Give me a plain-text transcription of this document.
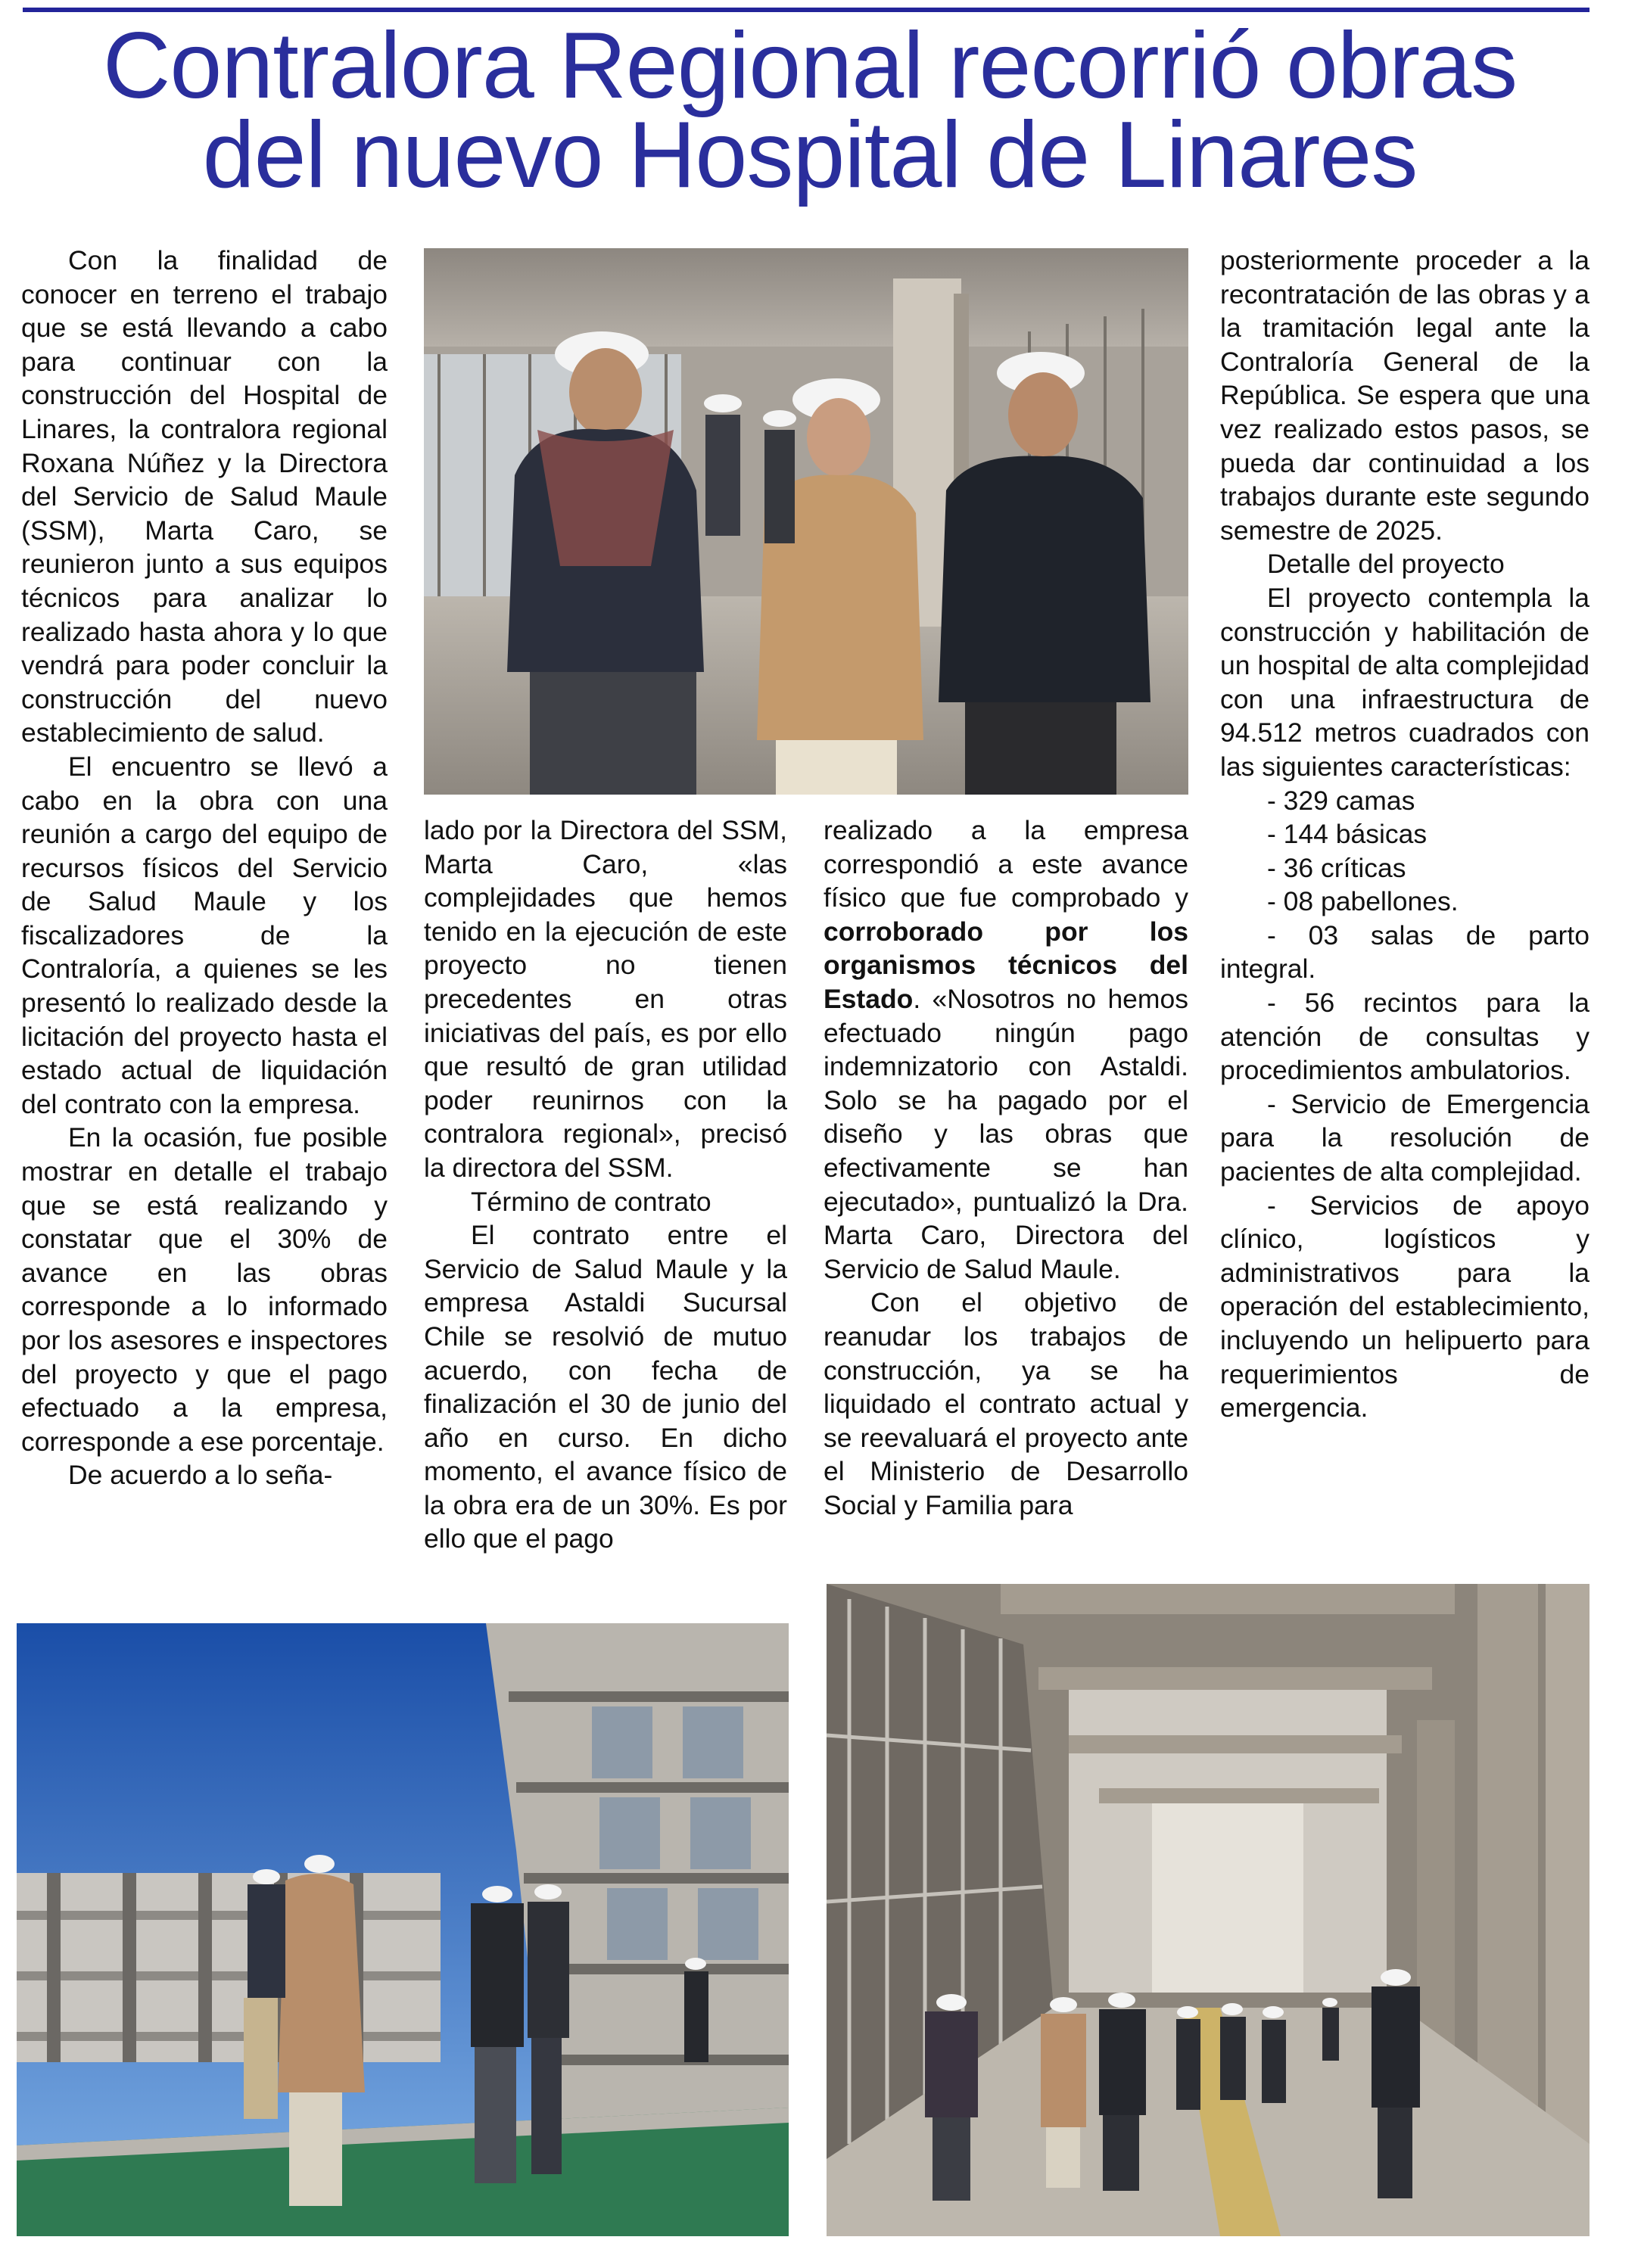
Contralora Regional recorrió obras del nuevo Hospital de Linares

Con la finalidad de conocer en terreno el trabajo que se está llevando a cabo para continuar con la construcción del Hospital de Linares, la contralora regional Roxana Núñez y la Directora del Servicio de Salud Maule (SSM), Marta Caro, se reunieron junto a sus equipos técnicos para analizar lo realizado hasta ahora y lo que vendrá para poder concluir la construcción del nuevo establecimiento de salud.

El encuentro se llevó a cabo en la obra con una reunión a cargo del equipo de recursos físicos del Servicio de Salud Maule y los fiscalizadores de la Contraloría, a quienes se les presentó lo realizado desde la licitación del proyecto hasta el estado actual de liquidación del contrato con la empresa.

En la ocasión, fue posible mostrar en detalle el trabajo que se está realizando y constatar que el 30% de avance en las obras corresponde a lo informado por los asesores e inspectores del proyecto y que el pago efectuado a la empresa, corresponde a ese porcentaje.

De acuerdo a lo seña-

lado por la Directora del SSM, Marta Caro, «las complejidades que hemos tenido en la ejecución de este proyecto no tienen precedentes en otras iniciativas del país, es por ello que resultó de gran utilidad poder reunirnos con la contralora regional», precisó la directora del SSM.

Término de contrato

El contrato entre el Servicio de Salud Maule y la empresa Astaldi Sucursal Chile se resolvió de mutuo acuerdo, con fecha de finalización el 30 de junio del año en curso. En dicho momento, el avance físico de la obra era de un 30%. Es por ello que el pago

realizado a la empresa correspondió a este avance físico que fue comprobado y corroborado por los organismos técnicos del Estado. «Nosotros no hemos efectuado ningún pago indemnizatorio con Astaldi. Solo se ha pagado por el diseño y las obras que efectivamente se han ejecutado», puntualizó la Dra. Marta Caro, Directora del Servicio de Salud Maule.

Con el objetivo de reanudar los trabajos de construcción, ya se ha liquidado el contrato actual y se reevaluará el proyecto ante el Ministerio de Desarrollo Social y Familia para

posteriormente proceder a la recontratación de las obras y a la tramitación legal ante la Contraloría General de la República. Se espera que una vez realizado estos pasos, se pueda dar continuidad a los trabajos durante este segundo semestre de 2025.

Detalle del proyecto

El proyecto contempla la construcción y habilitación de un hospital de alta complejidad con una infraestructura de 94.512 metros cuadrados con las siguientes características:

- 329 camas

- 144 básicas

- 36 críticas

- 08 pabellones.

- 03 salas de parto integral.

- 56 recintos para la atención de consultas y procedimientos ambulatorios.

- Servicio de Emergencia para la resolución de pacientes de alta complejidad.

- Servicios de apoyo clínico, logísticos y administrativos para la operación del establecimiento, incluyendo un helipuerto para requerimientos de emergencia.
